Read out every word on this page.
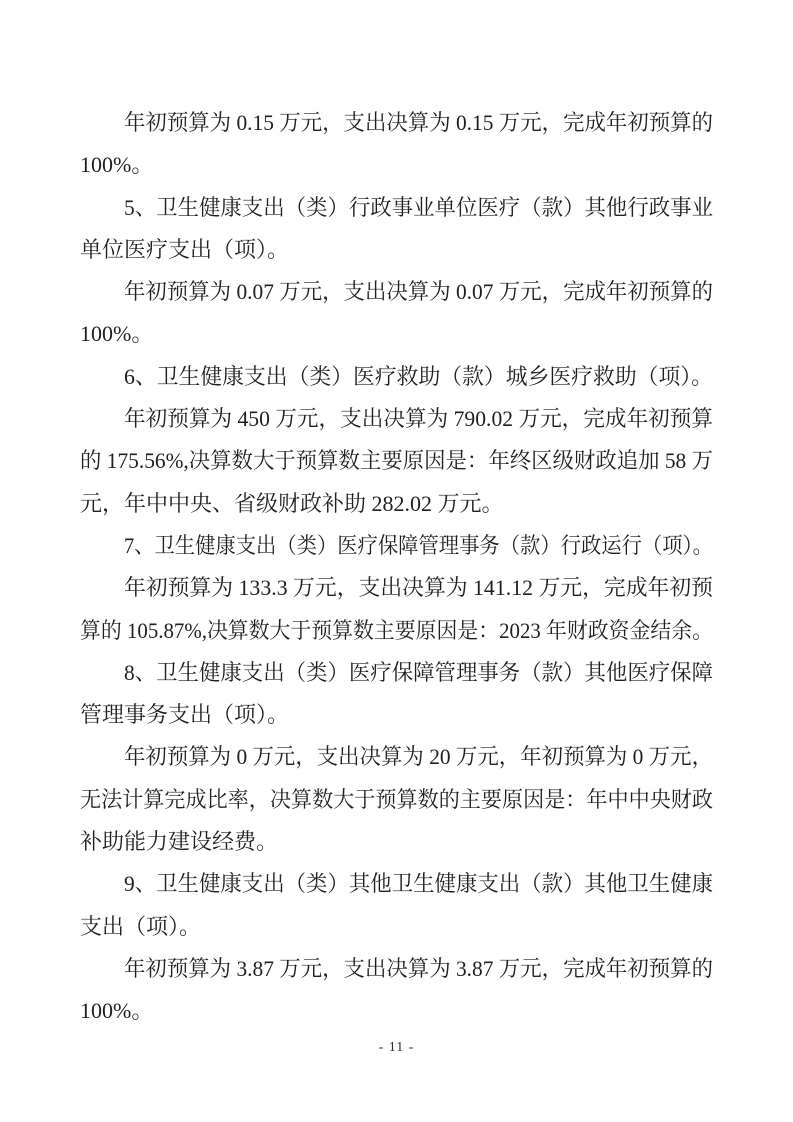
年初预算为 0.15 万元，支出决算为 0.15 万元，完成年初预算的
100%。
5、卫生健康支出（类）行政事业单位医疗（款）其他行政事业
单位医疗支出（项）。
年初预算为 0.07 万元，支出决算为 0.07 万元，完成年初预算的
100%。
6、卫生健康支出（类）医疗救助（款）城乡医疗救助（项）。
年初预算为 450 万元，支出决算为 790.02 万元，完成年初预算
的 175.56%,决算数大于预算数主要原因是：年终区级财政追加 58 万
元，年中中央、省级财政补助 282.02 万元。
7、卫生健康支出（类）医疗保障管理事务（款）行政运行（项）。
年初预算为 133.3 万元，支出决算为 141.12 万元，完成年初预
算的 105.87%,决算数大于预算数主要原因是：2023 年财政资金结余。
8、卫生健康支出（类）医疗保障管理事务（款）其他医疗保障
管理事务支出（项）。
年初预算为 0 万元，支出决算为 20 万元，年初预算为 0 万元，
无法计算完成比率，决算数大于预算数的主要原因是：年中中央财政
补助能力建设经费。
9、卫生健康支出（类）其他卫生健康支出（款）其他卫生健康
支出（项）。
年初预算为 3.87 万元，支出决算为 3.87 万元，完成年初预算的
100%。
- 11 -
